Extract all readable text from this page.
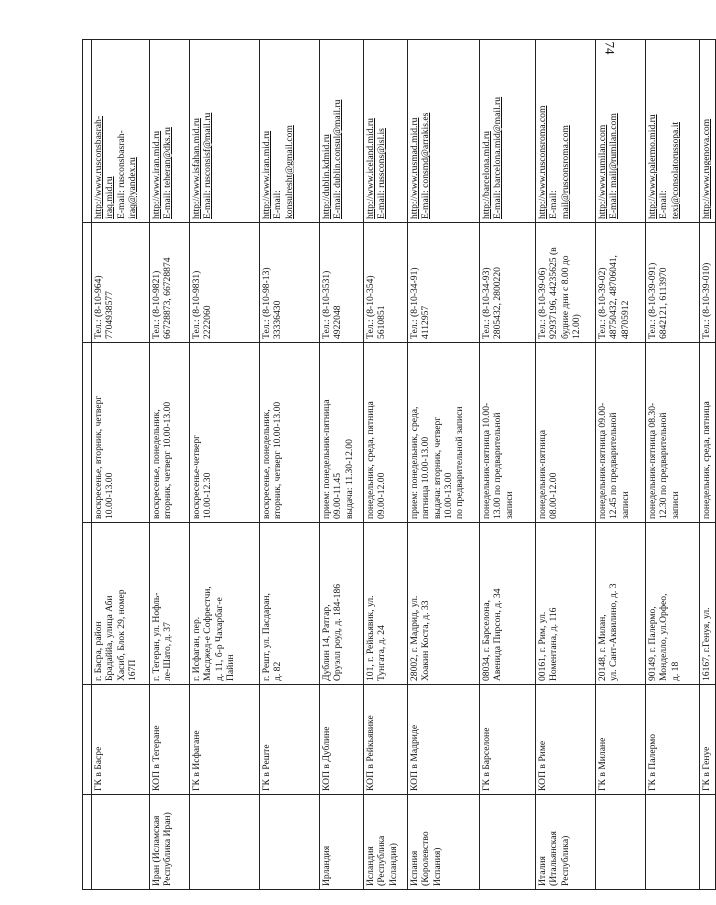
74

	ГК в Басре	г. Басра, район Брадаййа, улица Аби Хасиб, Блок 29, номер 167П	воскресенье, вторник, четверг 10.00-13.00	Тел.: (8-10-964) 7704938577	http://www.rusconsbasrah- iraq.mid.ru E-mail: rusconsbasrah- iraq@yandex.ru

Иран (Исламская Республика Иран)	КОП в Тегеране	г. Тегеран, ул. Нофль- ле-Шато, д. 37	воскресенье, понедельник, вторник, четверг 10.00-13.00	Тел.: (8-10-9821) 66728873, 66728874	http://www.iran.mid.ru E-mail: teheran@dks.ru

	ГК в Исфагане	г. Исфаган, пер. Масджед-е Софрестчи, д. 11, б-р Чахарбаг-е Пайин	воскресенье-четверг 10.00-12.30	Тел.: (8-10-9831) 2222060	http://www.isfahan.mid.ru E-mail: rusconsisf@mail.ru

	ГК в Реште	г. Решт, ул. Пасдаран, д. 82	воскресенье, понедельник, вторник, четверг 10.00-13.00	Тел.: (8-10-98-13) 33336430	http://www.iran.mid.ru E-mail: konsulresht@gmail.com

Ирландия	КОП в Дублине	Дублин 14, Ратгар, Оруэлл роуд, д. 184-186	прием: понедельник-пятница 09.00-11.45 выдача: 11.30-12.00	Тел.: (8-10-3531) 4922048	http://dublin.kdmid.ru E-mail: dublin.consul@mail.ru

Исландия (Республика Исландия)	КОП в Рейкьявике	101, г. Рейкьявик, ул. Тунгата, д. 24	понедельник, среда, пятница 09.00-12.00	Тел.: (8-10-354) 5610851	http://www.iceland.mid.ru E-mail: russcons@isl.is

Испания (Королевство Испания)	КОП в Мадриде	28002, г. Мадрид, ул. Хоакин Коста, д. 33	прием: понедельник, среда, пятница 10.00-13.00 выдача: вторник, четверг 10.00-13.00 по предварительной записи	Тел.: (8-10-34-91) 4112957	http://www.rusmad.mid.ru E-mail: consmd@arrakis.es

	ГК в Барселоне	08034, г. Барселона, Авенида Пирсон, д. 34	понедельник-пятница 10.00- 13.00 по предварительной записи	Тел.: (8-10-34-93) 2805432, 2800220	http://barcelona.mid.ru E-mail: barcelona.mid@mail.ru

Италия (Итальянская Республика)	КОП в Риме	00161, г. Рим, ул. Номентана, д. 116	понедельник-пятница 08.00-12.00	Тел.: (8-10-39-06) 92937196, 44235625 (в будние дни с 8.00 до 12.00)	http://www.rusconsroma.com E-mail: mail@rusconsroma.com

	ГК в Милане	20148, г. Милан, ул. Сант-Аквилино, д. 3	понедельник-пятница 09.00- 12.45 по предварительной записи	Тел.: (8-10-39-02) 48750432, 48706041, 48705912	http://www.rumilan.com E-mail: mail@rumilan.com

	ГК в Палермо	90149, г. Палермо, Монделло, ул.Орфео, д. 18	понедельник-пятница 08.30- 12.30 по предварительной записи	Тел.: (8-10-39-091) 6842121, 6113970	http://www.palermo.mid.ru E-mail: texi@consolatorussopa.it

	ГК в Генуе	16167, г.Генуя, ул.	понедельник, среда, пятница	Тел.: (8-10-39-010)	http://www.rugenova.com
